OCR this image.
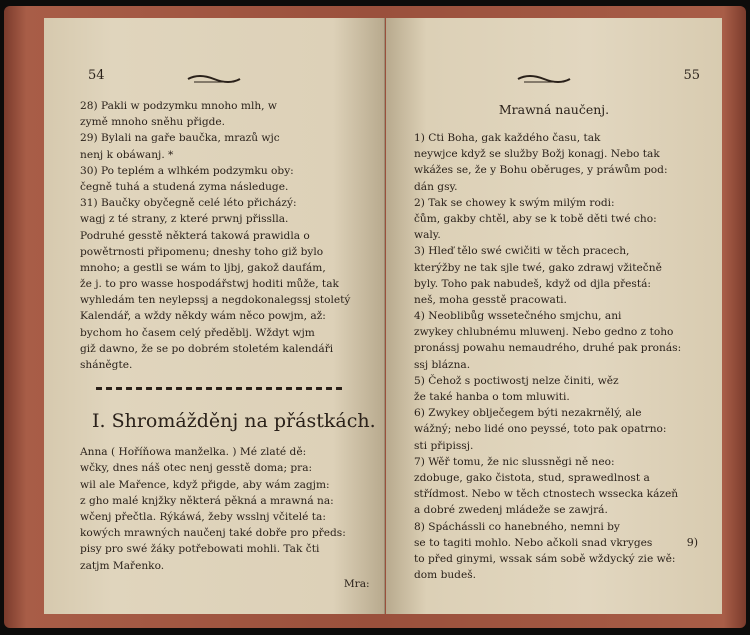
54
28) Pakli w podzymku mnoho mlh, w
zymě mnoho sněhu přigde.
29) Bylali na gaře baučka, mrazů wjc
nenj k obáwanj. *
30) Po teplém a wlhkém podzymku oby:
čegně tuhá a studená zyma následuge.
31) Baučky obyčegně celé léto přicházý:
wagj z té strany, z které prwnj přisslla.
Podruhé gesstě některá takowá prawidla o
powětrnosti připomenu; dneshy toho giž bylo
mnoho; a gestli se wám to ljbj, gakož daufám,
že j. to pro wasse hospodářstwj hoditi může, tak
wyhledám ten neylepssj a negdokonalegssj stoletý
Kalendář, a wždy někdy wám něco powjm, až:
bychom ho časem celý předěblj. Wždyt wjm
giž dawno, že se po dobrém stoletém kalendáři
sháněgte.
I. Shromážděnj na přástkách.
Anna ( Hoříňowa manželka. ) Mé zlaté dě:
wčky, dnes náš otec nenj gesstě doma; pra:
wil ale Mařence, když přigde, aby wám zagjm:
z gho malé knjžky některá pěkná a mrawná na:
wčenj přečtla. Rýkáwá, žeby wsslnj včitelé ta:
kowých mrawných naučenj také dobře pro předs:
pisy pro swé žáky potřebowati mohli. Tak čti
zatjm Mařenko.
Mra:
55
Mrawná naučenj.
1) Cti Boha, gak každého času, tak
neywjce když se služby Božj konagj. Nebo tak
wkážes se, že y Bohu oběruges, y práwům pod:
dán gsy.
2) Tak se chowey k swým milým rodi:
čům, gakby chtěl, aby se k tobě děti twé cho:
waly.
3) Hleď tělo swé cwičiti w těch pracech,
kterýžby ne tak sjle twé, gako zdrawj vžitečně
byly. Toho pak nabudeš, když od djla přestá:
neš, moha gesstě pracowati.
4) Neoblibůg wssetečného smjchu, ani
zwykey chlubnému mluwenj. Nebo gedno z toho
pronássj powahu nemaudrého, druhé pak pronás:
ssj blázna.
5) Čehož s poctiwostj nelze činiti, wěz
že také hanba o tom mluwiti.
6) Zwykey oblječegem býti nezakrnělý, ale
wážný; nebo lidé ono peyssé, toto pak opatrno:
sti připissj.
7) Wěř tomu, že nic slussněgi ně neo:
zdobuge, gako čistota, stud, sprawedlnost a
střídmost. Nebo w těch ctnostech wssecka kázeň
a dobré zwedenj mládeže se zawjrá.
8) Spáchássli co hanebného, nemni by
se to tagiti mohlo. Nebo ačkoli snad vkryges
to před ginymi, wssak sám sobě wždycký zie wě:
dom budeš.
9)
